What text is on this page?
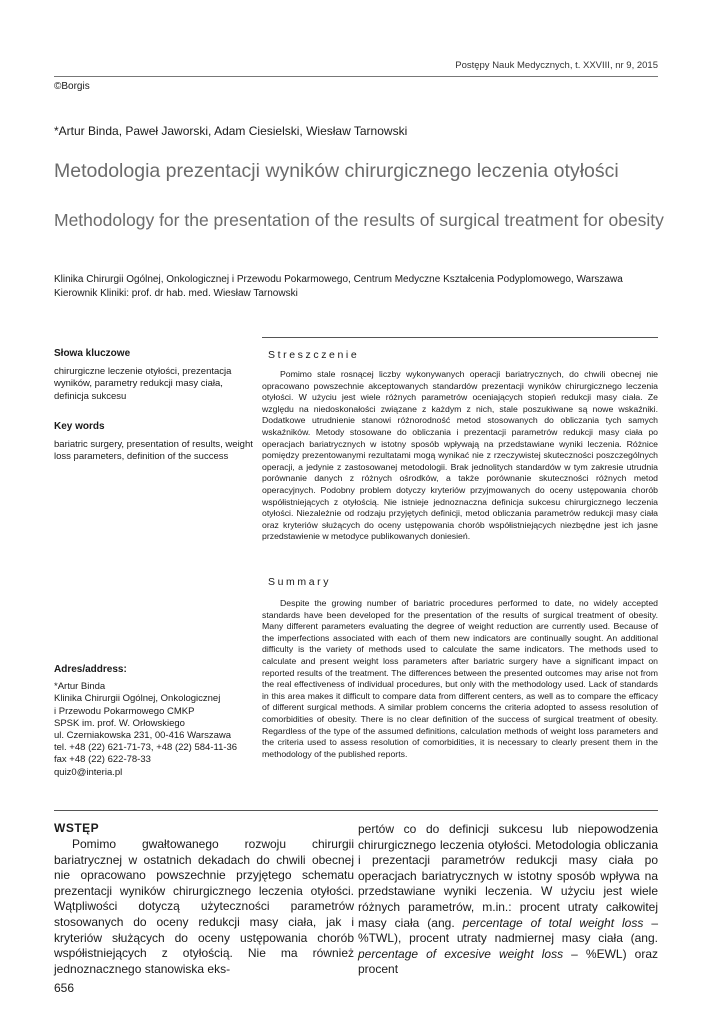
Postępy Nauk Medycznych, t. XXVIII, nr 9, 2015
©Borgis
*Artur Binda, Paweł Jaworski, Adam Ciesielski, Wiesław Tarnowski
Metodologia prezentacji wyników chirurgicznego leczenia otyłości
Methodology for the presentation of the results of surgical treatment for obesity
Klinika Chirurgii Ogólnej, Onkologicznej i Przewodu Pokarmowego, Centrum Medyczne Kształcenia Podyplomowego, Warszawa
Kierownik Kliniki: prof. dr hab. med. Wiesław Tarnowski
Słowa kluczowe
chirurgiczne leczenie otyłości, prezentacja wyników, parametry redukcji masy ciała, definicja sukcesu
Key words
bariatric surgery, presentation of results, weight loss parameters, definition of the success
Adres/address:
*Artur Binda
Klinika Chirurgii Ogólnej, Onkologicznej
i Przewodu Pokarmowego CMKP
SPSK im. prof. W. Orłowskiego
ul. Czerniakowska 231, 00-416 Warszawa
tel. +48 (22) 621-71-73, +48 (22) 584-11-36
fax +48 (22) 622-78-33
quiz0@interia.pl
Streszczenie

Pomimo stale rosnącej liczby wykonywanych operacji bariatrycznych, do chwili obecnej nie opracowano powszechnie akceptowanych standardów prezentacji wyników chirurgicznego leczenia otyłości. W użyciu jest wiele różnych parametrów oceniających stopień redukcji masy ciała. Ze względu na niedoskonałości związane z każdym z nich, stale poszukiwane są nowe wskaźniki. Dodatkowe utrudnienie stanowi różnorodność metod stosowanych do obliczania tych samych wskaźników. Metody stosowane do obliczania i prezentacji parametrów redukcji masy ciała po operacjach bariatrycznych w istotny sposób wpływają na przedstawiane wyniki leczenia. Różnice pomiędzy prezentowanymi rezultatami mogą wynikać nie z rzeczywistej skuteczności poszczególnych operacji, a jedynie z zastosowanej metodologii. Brak jednolitych standardów w tym zakresie utrudnia porównanie danych z różnych ośrodków, a także porównanie skuteczności różnych metod operacyjnych. Podobny problem dotyczy kryteriów przyjmowanych do oceny ustępowania chorób współistniejących z otyłością. Nie istnieje jednoznaczna definicja sukcesu chirurgicznego leczenia otyłości. Niezależnie od rodzaju przyjętych definicji, metod obliczania parametrów redukcji masy ciała oraz kryteriów służących do oceny ustępowania chorób współistniejących niezbędne jest ich jasne przedstawienie w metodyce publikowanych doniesień.

Summary

Despite the growing number of bariatric procedures performed to date, no widely accepted standards have been developed for the presentation of the results of surgical treatment of obesity. Many different parameters evaluating the degree of weight reduction are currently used. Because of the imperfections associated with each of them new indicators are continually sought. An additional difficulty is the variety of methods used to calculate the same indicators. The methods used to calculate and present weight loss parameters after bariatric surgery have a significant impact on reported results of the treatment. The differences between the presented outcomes may arise not from the real effectiveness of individual procedures, but only with the methodology used. Lack of standards in this area makes it difficult to compare data from different centers, as well as to compare the efficacy of different surgical methods. A similar problem concerns the criteria adopted to assess resolution of comorbidities of obesity. There is no clear definition of the success of surgical treatment of obesity. Regardless of the type of the assumed definitions, calculation methods of weight loss parameters and the criteria used to assess resolution of comorbidities, it is necessary to clearly present them in the methodology of the published reports.

WSTĘP

Pomimo gwałtowanego rozwoju chirurgii bariatrycznej w ostatnich dekadach do chwili obecnej nie opracowano powszechnie przyjętego schematu prezentacji wyników chirurgicznego leczenia otyłości. Wątpliwości dotyczą użyteczności parametrów stosowanych do oceny redukcji masy ciała, jak i kryteriów służących do oceny ustępowania chorób współistniejących z otyłością. Nie ma również jednoznacznego stanowiska eks-

pertów co do definicji sukcesu lub niepowodzenia chirurgicznego leczenia otyłości. Metodologia obliczania i prezentacji parametrów redukcji masy ciała po operacjach bariatrycznych w istotny sposób wpływa na przedstawiane wyniki leczenia. W użyciu jest wiele różnych parametrów, m.in.: procent utraty całkowitej masy ciała (ang. percentage of total weight loss – %TWL), procent utraty nadmiernej masy ciała (ang. percentage of excesive weight loss – %EWL) oraz procent

656
